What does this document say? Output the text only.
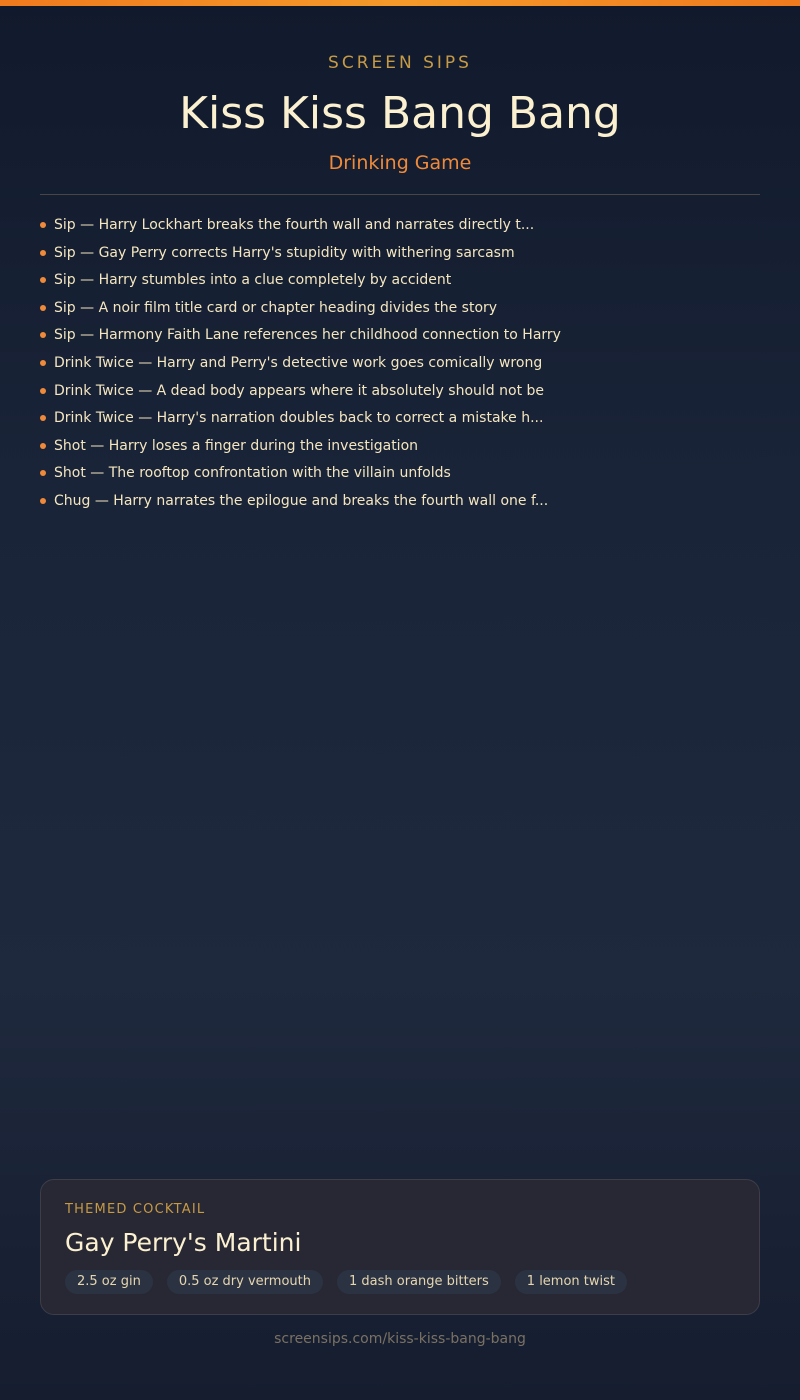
SCREEN SIPS
Kiss Kiss Bang Bang
Drinking Game
Sip — Harry Lockhart breaks the fourth wall and narrates directly t...
Sip — Gay Perry corrects Harry's stupidity with withering sarcasm
Sip — Harry stumbles into a clue completely by accident
Sip — A noir film title card or chapter heading divides the story
Sip — Harmony Faith Lane references her childhood connection to Harry
Drink Twice — Harry and Perry's detective work goes comically wrong
Drink Twice — A dead body appears where it absolutely should not be
Drink Twice — Harry's narration doubles back to correct a mistake h...
Shot — Harry loses a finger during the investigation
Shot — The rooftop confrontation with the villain unfolds
Chug — Harry narrates the epilogue and breaks the fourth wall one f...
THEMED COCKTAIL
Gay Perry's Martini
2.5 oz gin	0.5 oz dry vermouth	1 dash orange bitters	1 lemon twist
screensips.com/kiss-kiss-bang-bang
